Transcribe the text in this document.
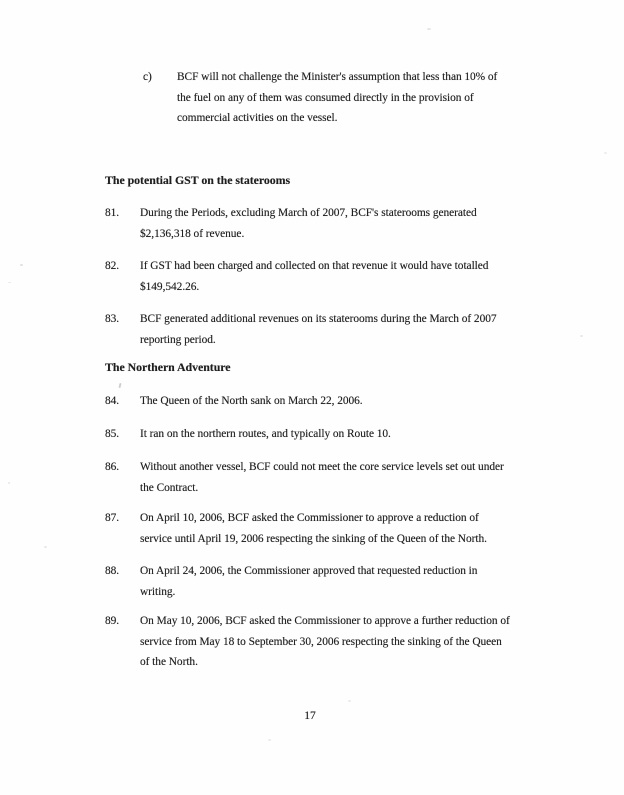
c)	BCF will not challenge the Minister's assumption that less than 10% of
the fuel on any of them was consumed directly in the provision of
commercial activities on the vessel.
The potential GST on the staterooms
81.	During the Periods, excluding March of 2007, BCF's staterooms generated
$2,136,318 of revenue.
82.	If GST had been charged and collected on that revenue it would have totalled
$149,542.26.
83.	BCF generated additional revenues on its staterooms during the March of 2007
reporting period.
The Northern Adventure
84.	The Queen of the North sank on March 22, 2006.
85.	It ran on the northern routes, and typically on Route 10.
86.	Without another vessel, BCF could not meet the core service levels set out under
the Contract.
87.	On April 10, 2006, BCF asked the Commissioner to approve a reduction of
service until April 19, 2006 respecting the sinking of the Queen of the North.
88.	On April 24, 2006, the Commissioner approved that requested reduction in
writing.
89.	On May 10, 2006, BCF asked the Commissioner to approve a further reduction of
service from May 18 to September 30, 2006 respecting the sinking of the Queen
of the North.
17
